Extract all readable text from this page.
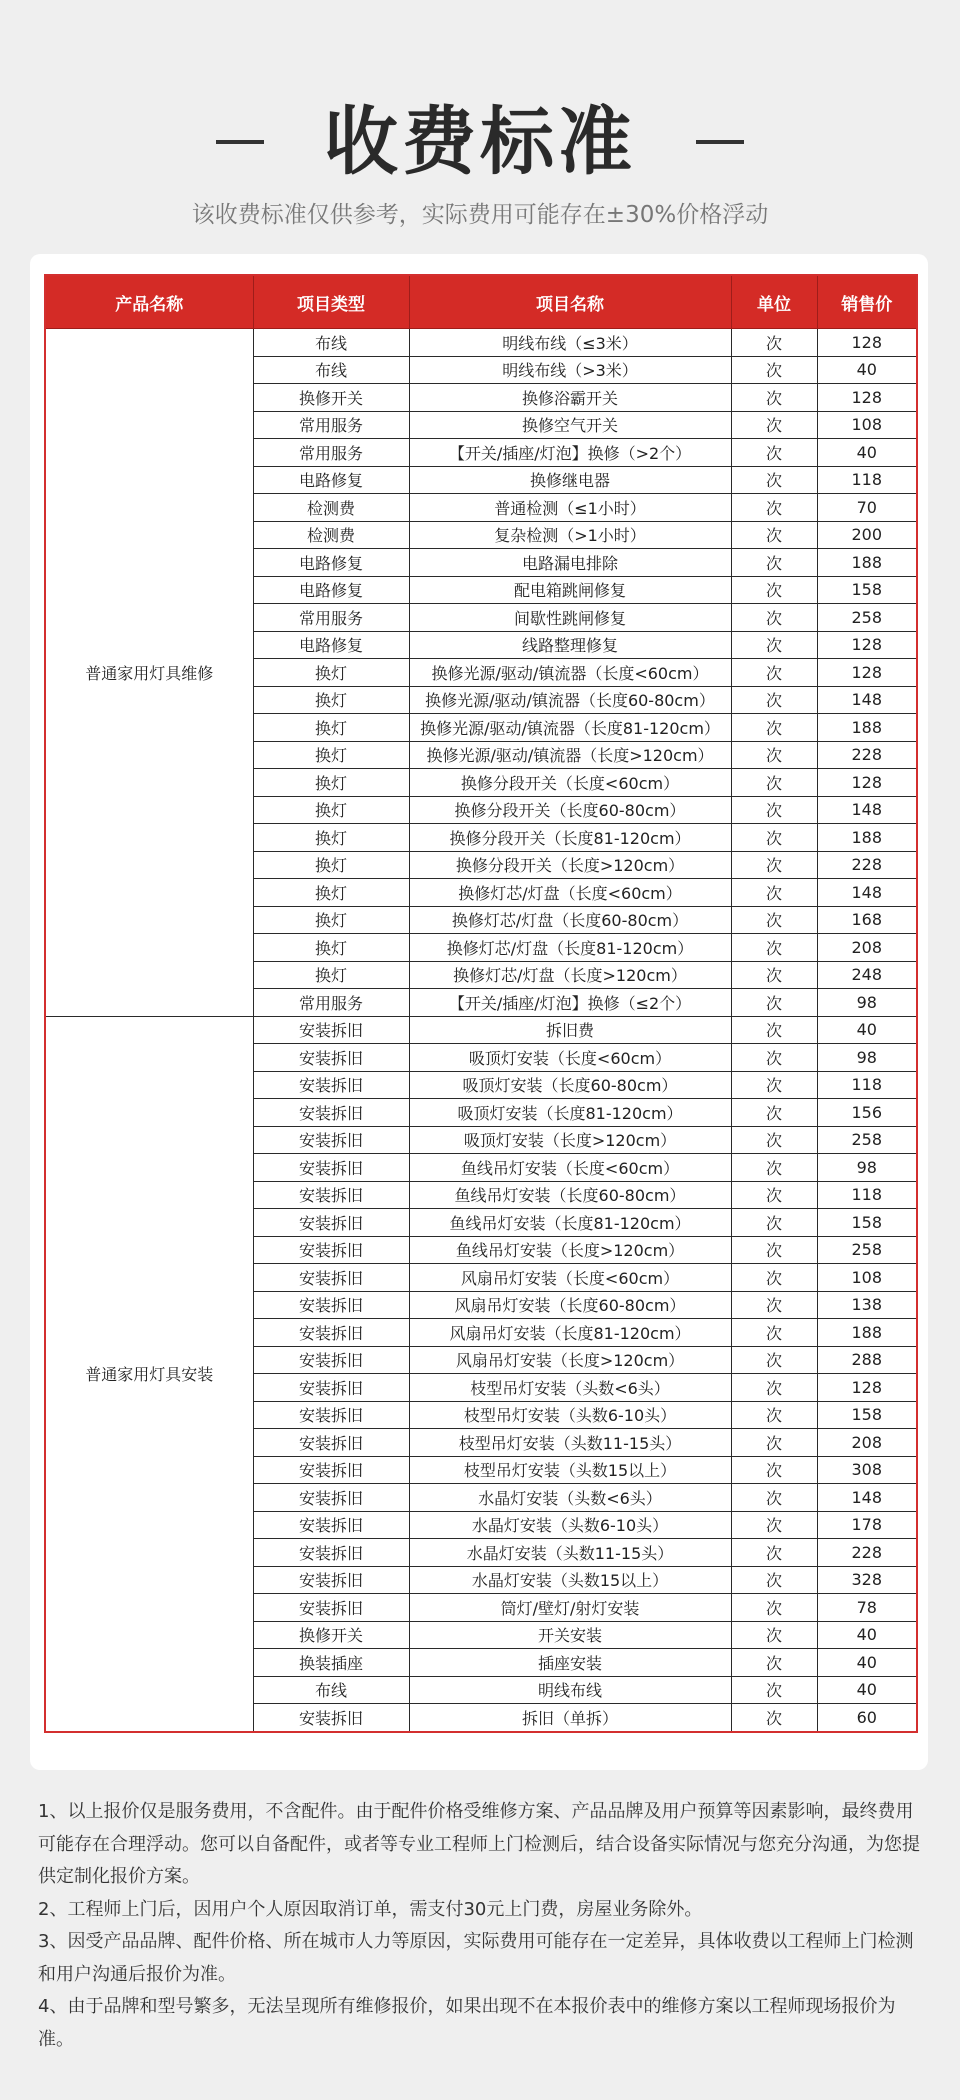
收费标准
该收费标准仅供参考，实际费用可能存在±30%价格浮动
产品名称	项目类型	项目名称	单位	销售价
普通家用灯具维修	布线	明线布线（≤3米）	次	128
	布线	明线布线（>3米）	次	40
	换修开关	换修浴霸开关	次	128
	常用服务	换修空气开关	次	108
	常用服务	【开关/插座/灯泡】换修（>2个）	次	40
	电路修复	换修继电器	次	118
	检测费	普通检测（≤1小时）	次	70
	检测费	复杂检测（>1小时）	次	200
	电路修复	电路漏电排除	次	188
	电路修复	配电箱跳闸修复	次	158
	常用服务	间歇性跳闸修复	次	258
	电路修复	线路整理修复	次	128
	换灯	换修光源/驱动/镇流器（长度<60cm）	次	128
	换灯	换修光源/驱动/镇流器（长度60-80cm）	次	148
	换灯	换修光源/驱动/镇流器（长度81-120cm）	次	188
	换灯	换修光源/驱动/镇流器（长度>120cm）	次	228
	换灯	换修分段开关（长度<60cm）	次	128
	换灯	换修分段开关（长度60-80cm）	次	148
	换灯	换修分段开关（长度81-120cm）	次	188
	换灯	换修分段开关（长度>120cm）	次	228
	换灯	换修灯芯/灯盘（长度<60cm）	次	148
	换灯	换修灯芯/灯盘（长度60-80cm）	次	168
	换灯	换修灯芯/灯盘（长度81-120cm）	次	208
	换灯	换修灯芯/灯盘（长度>120cm）	次	248
	常用服务	【开关/插座/灯泡】换修（≤2个）	次	98
普通家用灯具安装	安装拆旧	拆旧费	次	40
	安装拆旧	吸顶灯安装（长度<60cm）	次	98
	安装拆旧	吸顶灯安装（长度60-80cm）	次	118
	安装拆旧	吸顶灯安装（长度81-120cm）	次	156
	安装拆旧	吸顶灯安装（长度>120cm）	次	258
	安装拆旧	鱼线吊灯安装（长度<60cm）	次	98
	安装拆旧	鱼线吊灯安装（长度60-80cm）	次	118
	安装拆旧	鱼线吊灯安装（长度81-120cm）	次	158
	安装拆旧	鱼线吊灯安装（长度>120cm）	次	258
	安装拆旧	风扇吊灯安装（长度<60cm）	次	108
	安装拆旧	风扇吊灯安装（长度60-80cm）	次	138
	安装拆旧	风扇吊灯安装（长度81-120cm）	次	188
	安装拆旧	风扇吊灯安装（长度>120cm）	次	288
	安装拆旧	枝型吊灯安装（头数<6头）	次	128
	安装拆旧	枝型吊灯安装（头数6-10头）	次	158
	安装拆旧	枝型吊灯安装（头数11-15头）	次	208
	安装拆旧	枝型吊灯安装（头数15以上）	次	308
	安装拆旧	水晶灯安装（头数<6头）	次	148
	安装拆旧	水晶灯安装（头数6-10头）	次	178
	安装拆旧	水晶灯安装（头数11-15头）	次	228
	安装拆旧	水晶灯安装（头数15以上）	次	328
	安装拆旧	筒灯/壁灯/射灯安装	次	78
	换修开关	开关安装	次	40
	换装插座	插座安装	次	40
	布线	明线布线	次	40
	安装拆旧	拆旧（单拆）	次	60

1、以上报价仅是服务费用，不含配件。由于配件价格受维修方案、产品品牌及用户预算等因素影响，最终费用可能存在合理浮动。您可以自备配件，或者等专业工程师上门检测后，结合设备实际情况与您充分沟通，为您提供定制化报价方案。

2、工程师上门后，因用户个人原因取消订单，需支付30元上门费，房屋业务除外。

3、因受产品品牌、配件价格、所在城市人力等原因，实际费用可能存在一定差异，具体收费以工程师上门检测和用户沟通后报价为准。

4、由于品牌和型号繁多，无法呈现所有维修报价，如果出现不在本报价表中的维修方案以工程师现场报价为准。
